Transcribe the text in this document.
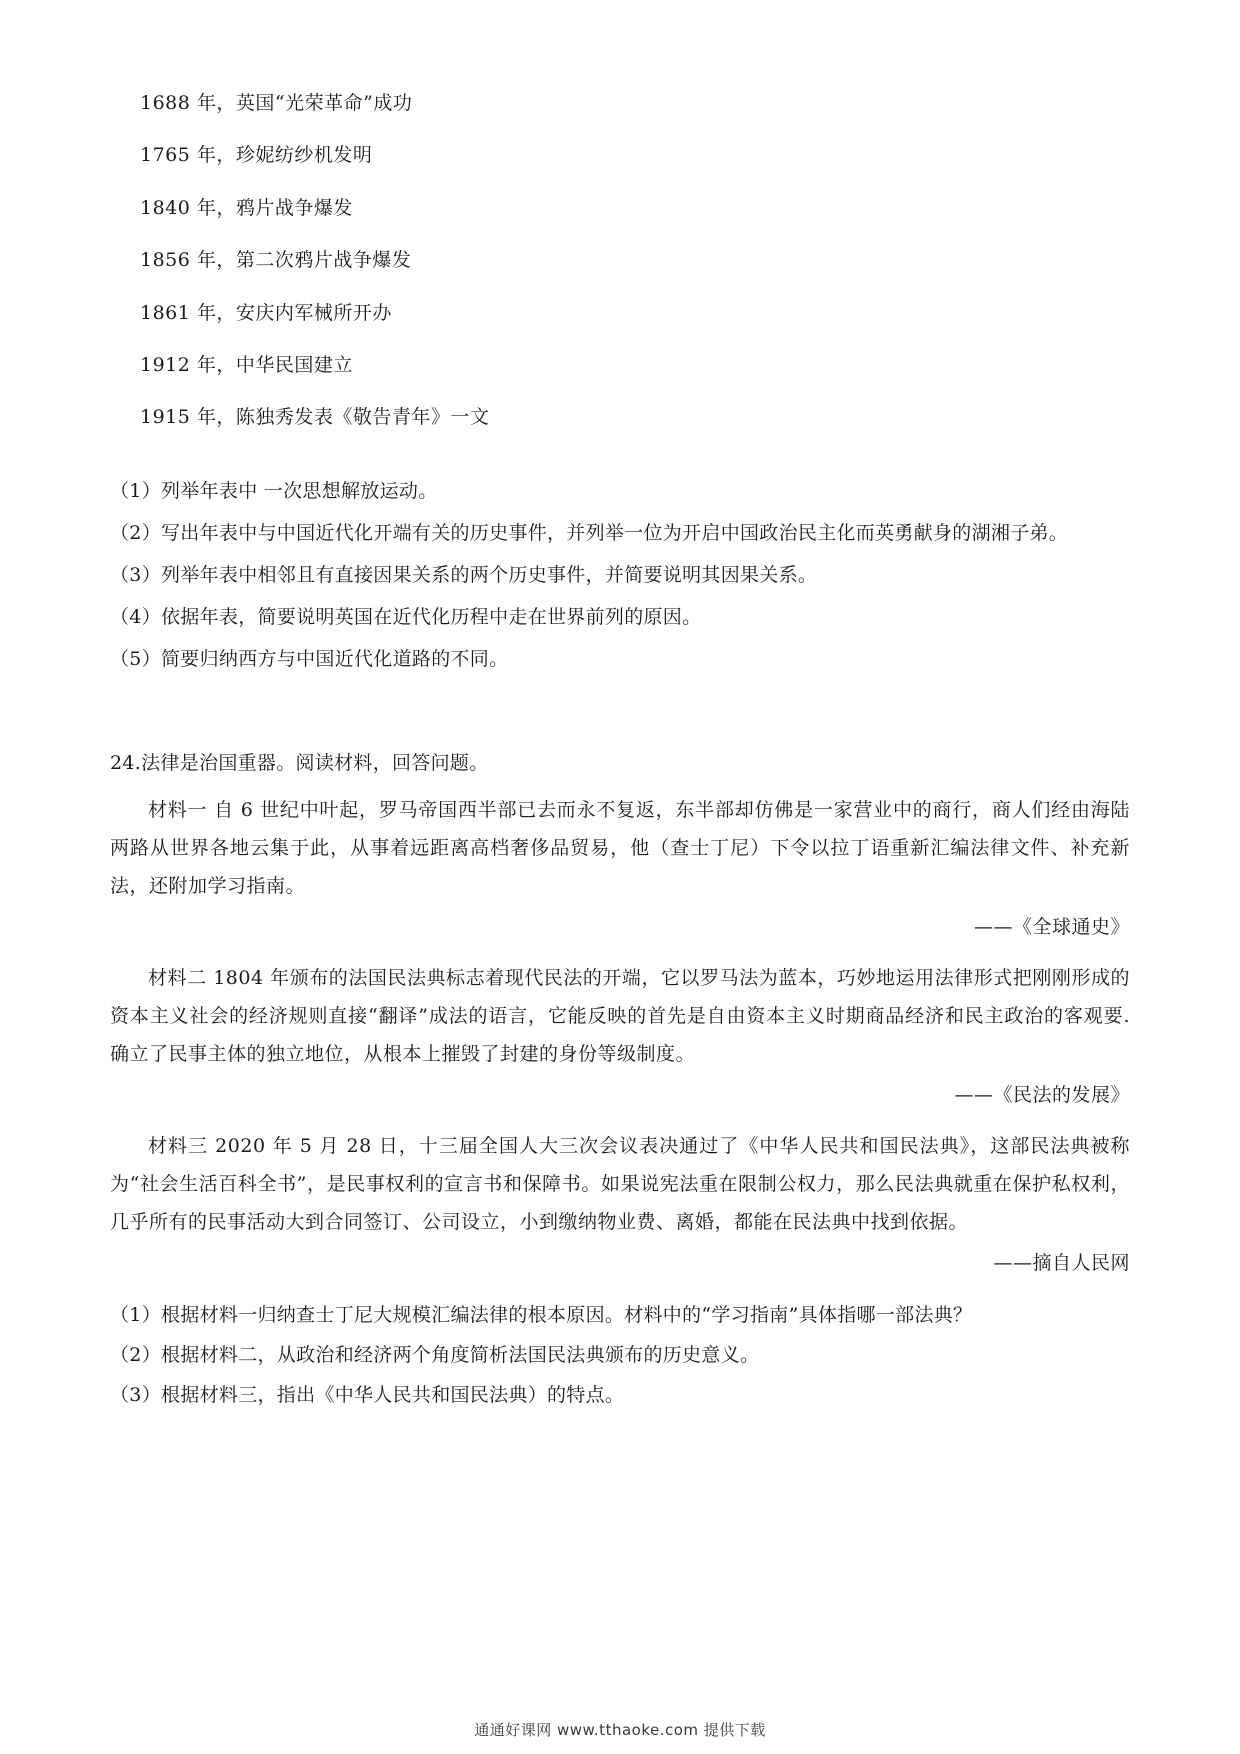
1688 年，英国“光荣革命”成功
1765 年，珍妮纺纱机发明
1840 年，鸦片战争爆发
1856 年，第二次鸦片战争爆发
1861 年，安庆内军械所开办
1912 年，中华民国建立
1915 年，陈独秀发表《敬告青年》一文
（1）列举年表中 一次思想解放运动。
（2）写出年表中与中国近代化开端有关的历史事件，并列举一位为开启中国政治民主化而英勇献身的湖湘子弟。
（3）列举年表中相邻且有直接因果关系的两个历史事件，并简要说明其因果关系。
（4）依据年表，简要说明英国在近代化历程中走在世界前列的原因。
（5）简要归纳西方与中国近代化道路的不同。
24.法律是治国重器。阅读材料，回答问题。
材料一 自 6 世纪中叶起，罗马帝国西半部已去而永不复返，东半部却仿佛是一家营业中的商行，商人们经由海陆两路从世界各地云集于此，从事着远距离高档奢侈品贸易，他（查士丁尼）下令以拉丁语重新汇编法律文件、补充新法，还附加学习指南。
——《全球通史》
材料二 1804 年颁布的法国民法典标志着现代民法的开端，它以罗马法为蓝本，巧妙地运用法律形式把刚刚形成的资本主义社会的经济规则直接“翻译”成法的语言，它能反映的首先是自由资本主义时期商品经济和民主政治的客观要.确立了民事主体的独立地位，从根本上摧毁了封建的身份等级制度。
——《民法的发展》
材料三 2020 年 5 月 28 日，十三届全国人大三次会议表决通过了《中华人民共和国民法典》，这部民法典被称为“社会生活百科全书”，是民事权利的宣言书和保障书。如果说宪法重在限制公权力，那么民法典就重在保护私权利，几乎所有的民事活动大到合同签订、公司设立，小到缴纳物业费、离婚，都能在民法典中找到依据。
——摘自人民网
（1）根据材料一归纳查士丁尼大规模汇编法律的根本原因。材料中的“学习指南”具体指哪一部法典？
（2）根据材料二，从政治和经济两个角度简析法国民法典颁布的历史意义。
（3）根据材料三，指出《中华人民共和国民法典）的特点。
通通好课网 www.tthaoke.com 提供下载
